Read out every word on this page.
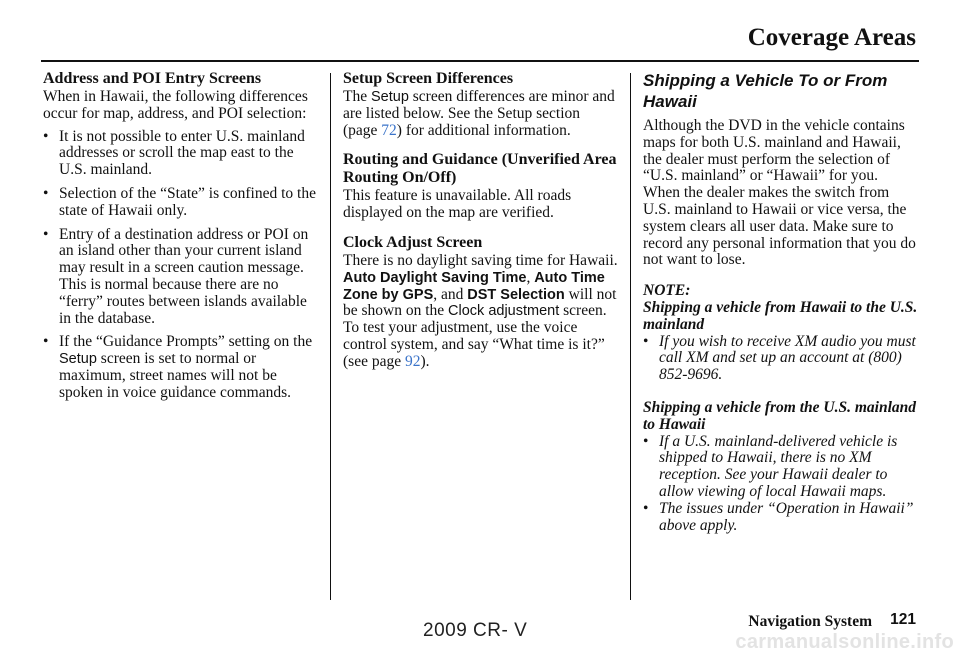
Coverage Areas
Address and POI Entry Screens

When in Hawaii, the following differences occur for map, address, and POI selection:

• It is not possible to enter U.S. mainland addresses or scroll the map east to the U.S. mainland.
• Selection of the “State” is confined to the state of Hawaii only.
• Entry of a destination address or POI on an island other than your current island may result in a screen caution message. This is normal because there are no “ferry” routes between islands available in the database.
• If the “Guidance Prompts” setting on the Setup screen is set to normal or maximum, street names will not be spoken in voice guidance commands.
Setup Screen Differences

The Setup screen differences are minor and are listed below. See the Setup section (page 72) for additional information.

Routing and Guidance (Unverified Area Routing On/Off)

This feature is unavailable. All roads displayed on the map are verified.

Clock Adjust Screen

There is no daylight saving time for Hawaii. Auto Daylight Saving Time, Auto Time Zone by GPS, and DST Selection will not be shown on the Clock adjustment screen. To test your adjustment, use the voice control system, and say “What time is it?” (see page 92).

Shipping a Vehicle To or From Hawaii

Although the DVD in the vehicle contains maps for both U.S. mainland and Hawaii, the dealer must perform the selection of “U.S. mainland” or “Hawaii” for you. When the dealer makes the switch from U.S. mainland to Hawaii or vice versa, the system clears all user data. Make sure to record any personal information that you do not want to lose.

NOTE:

Shipping a vehicle from Hawaii to the U.S. mainland

• If you wish to receive XM audio you must call XM and set up an account at (800) 852-9696.

Shipping a vehicle from the U.S. mainland to Hawaii

• If a U.S. mainland-delivered vehicle is shipped to Hawaii, there is no XM reception. See your Hawaii dealer to allow viewing of local Hawaii maps.
• The issues under “Operation in Hawaii” above apply.
Navigation System 121
2009 CR- V
carmanualsonline.info
